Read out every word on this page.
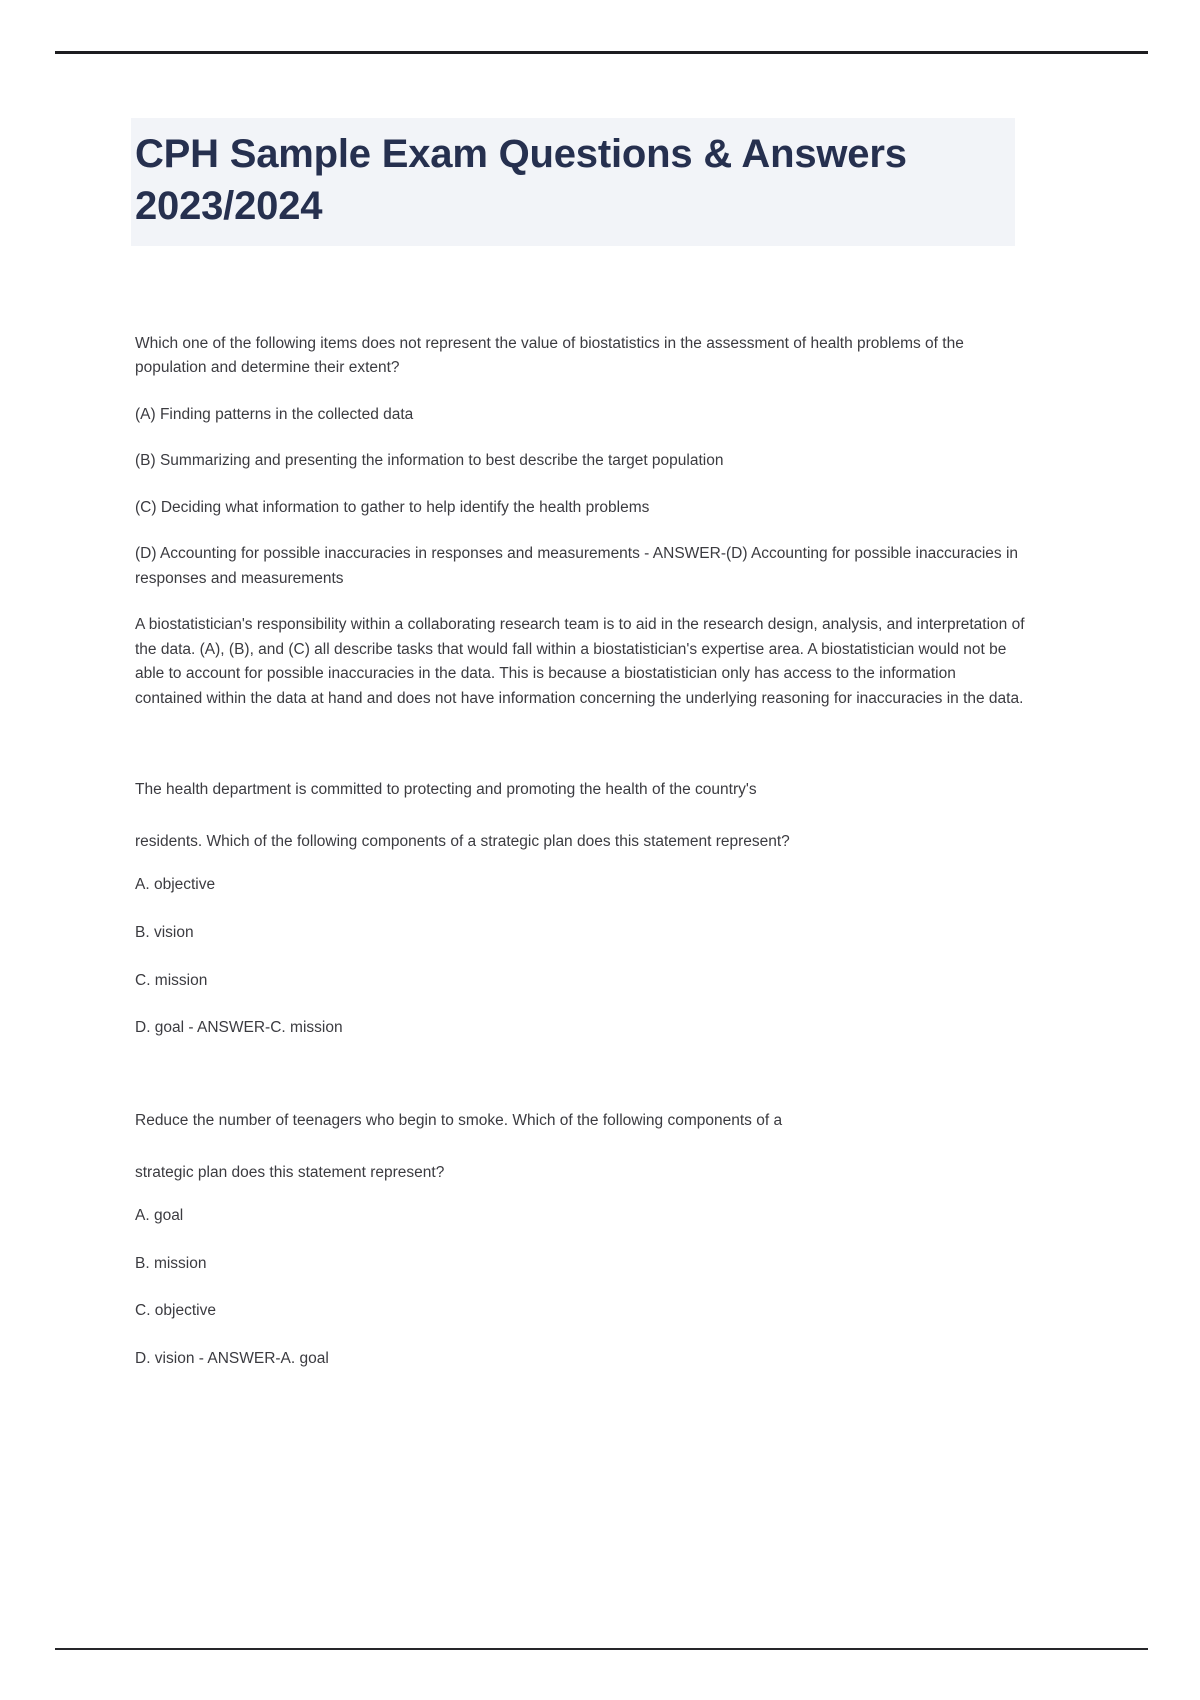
CPH Sample Exam Questions & Answers 2023/2024

Which one of the following items does not represent the value of biostatistics in the assessment of health problems of the population and determine their extent?

(A) Finding patterns in the collected data

(B) Summarizing and presenting the information to best describe the target population

(C) Deciding what information to gather to help identify the health problems

(D) Accounting for possible inaccuracies in responses and measurements - ANSWER-(D) Accounting for possible inaccuracies in responses and measurements

A biostatistician's responsibility within a collaborating research team is to aid in the research design, analysis, and interpretation of the data. (A), (B), and (C) all describe tasks that would fall within a biostatistician's expertise area. A biostatistician would not be able to account for possible inaccuracies in the data. This is because a biostatistician only has access to the information contained within the data at hand and does not have information concerning the underlying reasoning for inaccuracies in the data.

The health department is committed to protecting and promoting the health of the country's

residents. Which of the following components of a strategic plan does this statement represent?

A. objective

B. vision

C. mission

D. goal - ANSWER-C. mission

Reduce the number of teenagers who begin to smoke. Which of the following components of a

strategic plan does this statement represent?

A. goal

B. mission

C. objective

D. vision - ANSWER-A. goal
